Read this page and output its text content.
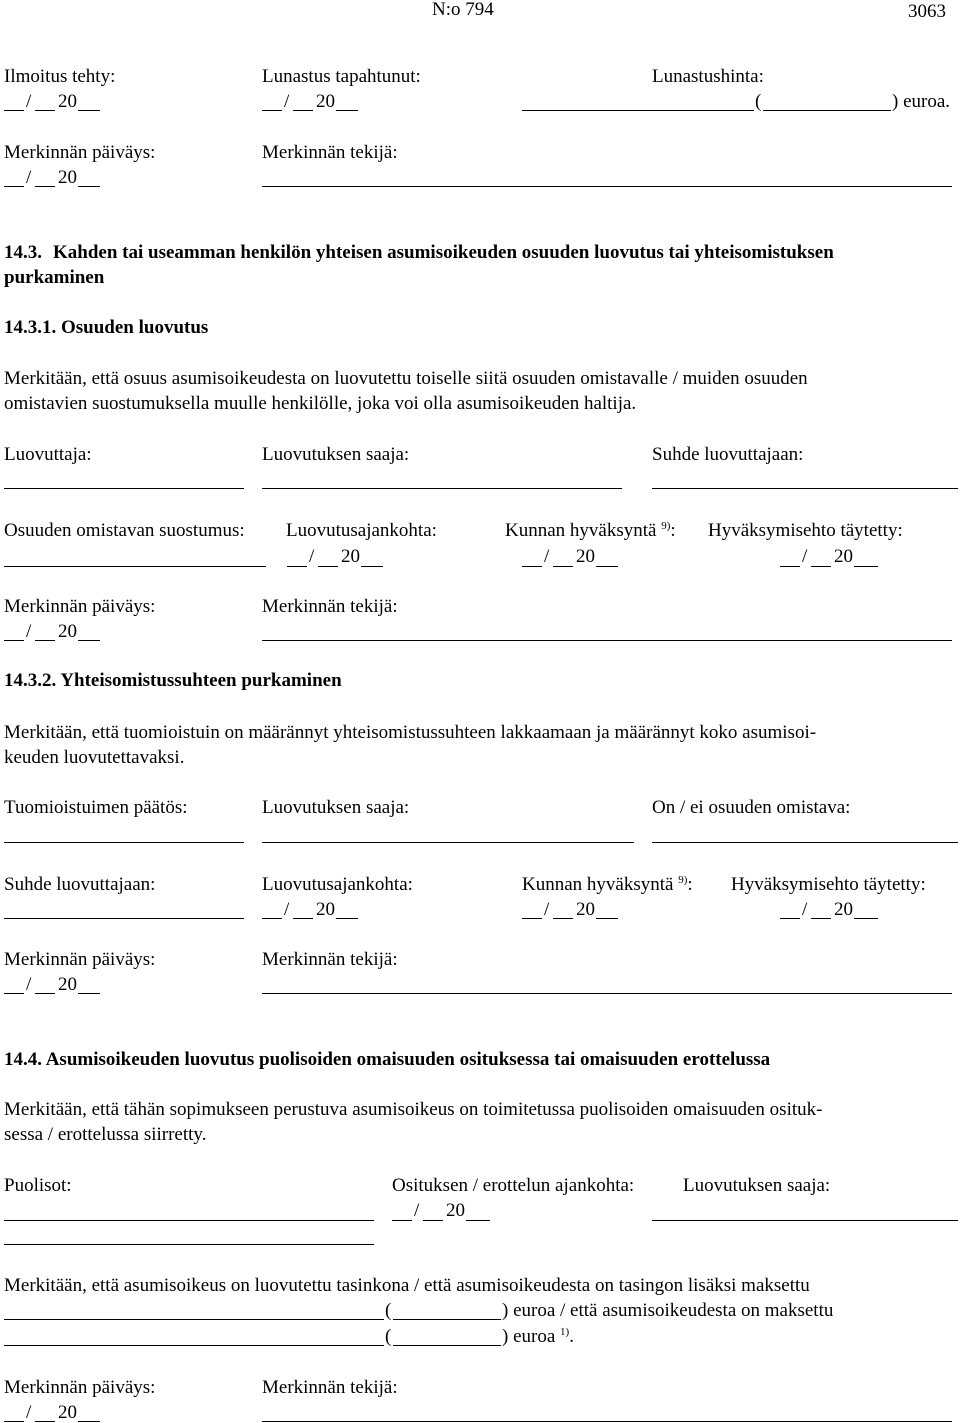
N:o 794	3063
Ilmoitus tehty:	Lunastus tapahtunut:	Lunastushinta:
/ 20	/ 20	(	) euroa.
Merkinnän päiväys:	Merkinnän tekijä:
/ 20
14.3. Kahden tai useamman henkilön yhteisen asumisoikeuden osuuden luovutus tai yhteisomistuksen
purkaminen
14.3.1. Osuuden luovutus
Merkitään, että osuus asumisoikeudesta on luovutettu toiselle siitä osuuden omistavalle / muiden osuuden
omistavien suostumuksella muulle henkilölle, joka voi olla asumisoikeuden haltija.
Luovuttaja:	Luovutuksen saaja:	Suhde luovuttajaan:
Osuuden omistavan suostumus: Luovutusajankohta:	Kunnan hyväksyntä $^{9)}$: Hyväksymisehto täytetty:
/ 20	/ 20	/ 20
Merkinnän päiväys:	Merkinnän tekijä:
/ 20
14.3.2. Yhteisomistussuhteen purkaminen
Merkitään, että tuomioistuin on määrännyt yhteisomistussuhteen lakkaamaan ja määrännyt koko asumisoi-
keuden luovutettavaksi.
Tuomioistuimen päätös:	Luovutuksen saaja:	On / ei osuuden omistava:
Suhde luovuttajaan:	Luovutusajankohta:	Kunnan hyväksyntä $^{9)}$: Hyväksymisehto täytetty:
/ 20	/ 20	/ 20
Merkinnän päiväys:	Merkinnän tekijä:
/ 20
14.4. Asumisoikeuden luovutus puolisoiden omaisuuden osituksessa tai omaisuuden erottelussa
Merkitään, että tähän sopimukseen perustuva asumisoikeus on toimitetussa puolisoiden omaisuuden osituk-
sessa / erottelussa siirretty.
Puolisot:	Osituksen / erottelun ajankohta:	Luovutuksen saaja:
/ 20
Merkitään, että asumisoikeus on luovutettu tasinkona / että asumisoikeudesta on tasingon lisäksi maksettu
(	) euroa / että asumisoikeudesta on maksettu
(	) euroa $^{1)}$.
Merkinnän päiväys:	Merkinnän tekijä:
/ 20
